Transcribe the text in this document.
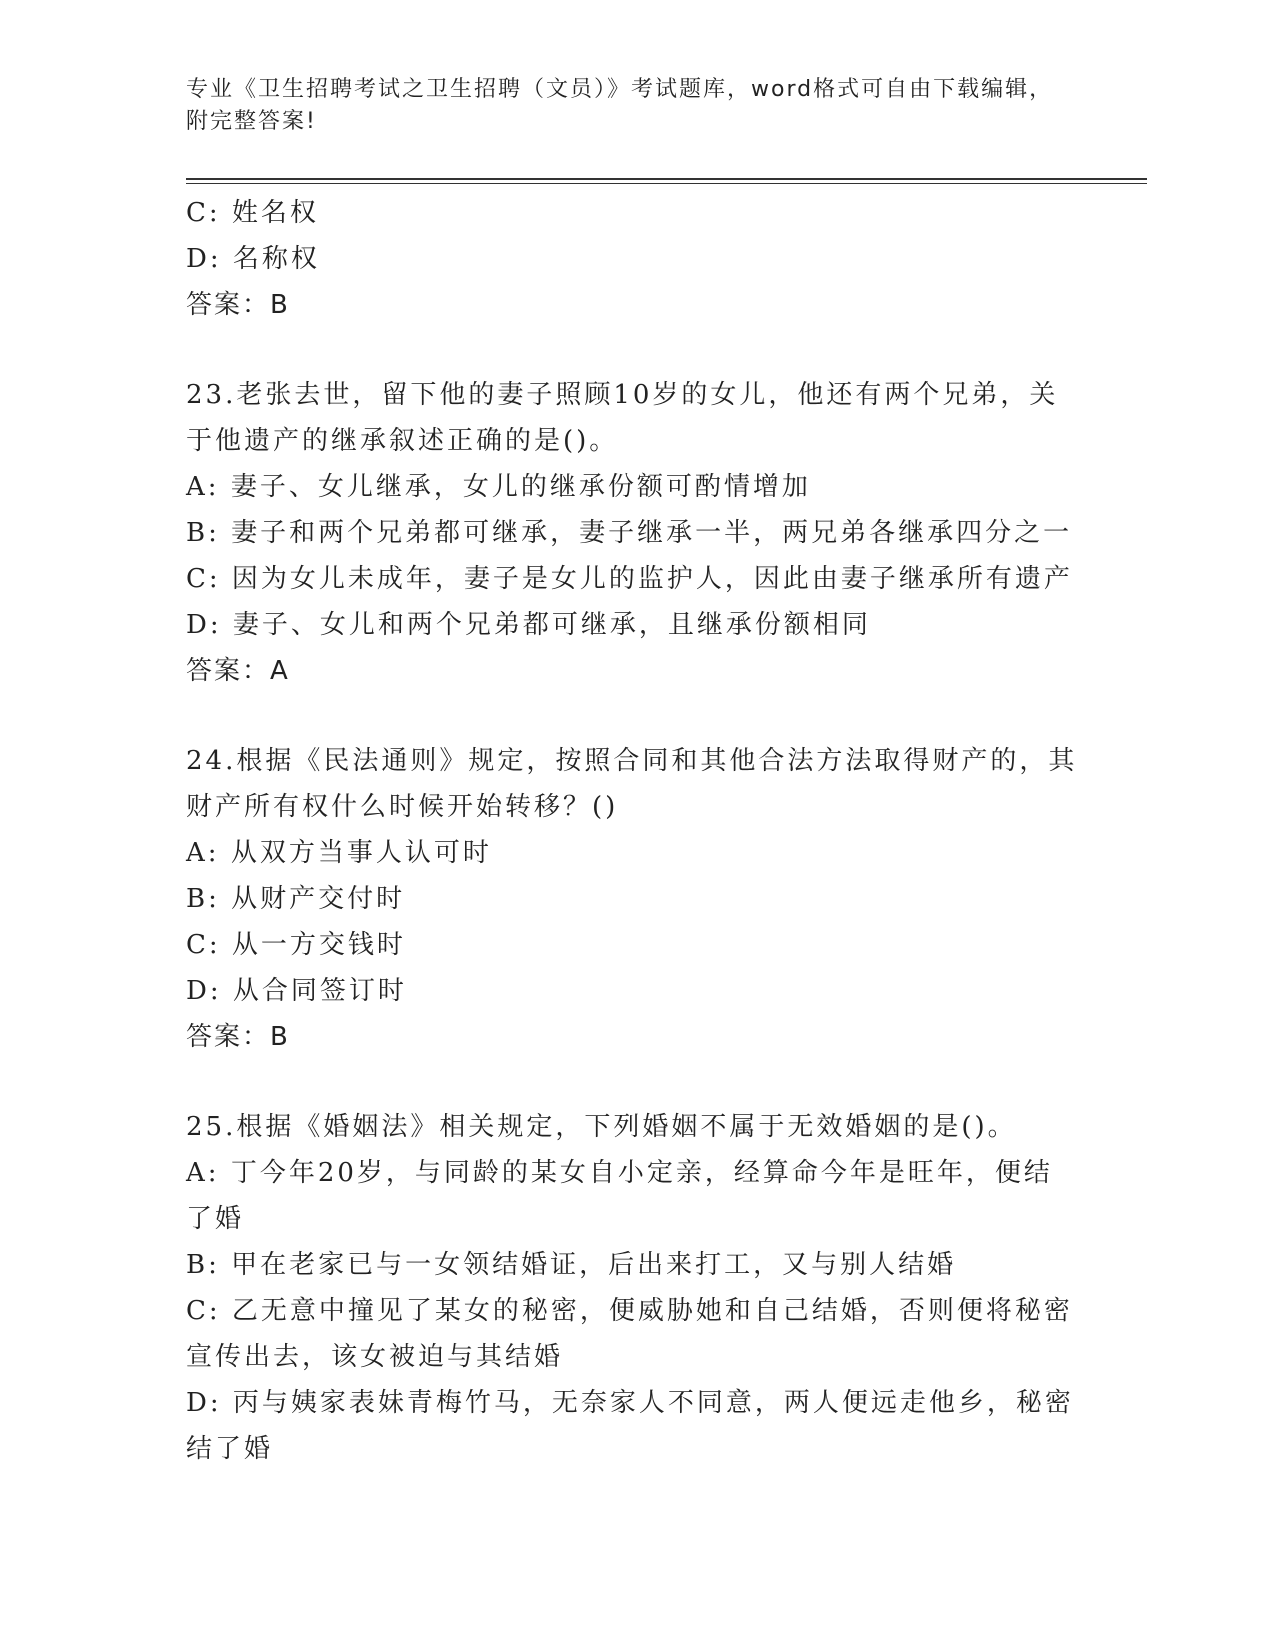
专业《卫生招聘考试之卫生招聘（文员）》考试题库，word格式可自由下载编辑，附完整答案!
C: 姓名权
D: 名称权
答案：B
23.老张去世，留下他的妻子照顾10岁的女儿，他还有两个兄弟，关
于他遗产的继承叙述正确的是()。
A: 妻子、女儿继承，女儿的继承份额可酌情增加
B: 妻子和两个兄弟都可继承，妻子继承一半，两兄弟各继承四分之一
C: 因为女儿未成年，妻子是女儿的监护人，因此由妻子继承所有遗产
D: 妻子、女儿和两个兄弟都可继承，且继承份额相同
答案：A
24.根据《民法通则》规定，按照合同和其他合法方法取得财产的，其
财产所有权什么时候开始转移？()
A: 从双方当事人认可时
B: 从财产交付时
C: 从一方交钱时
D: 从合同签订时
答案：B
25.根据《婚姻法》相关规定，下列婚姻不属于无效婚姻的是()。
A: 丁今年20岁，与同龄的某女自小定亲，经算命今年是旺年，便结
了婚
B: 甲在老家已与一女领结婚证，后出来打工，又与别人结婚
C: 乙无意中撞见了某女的秘密，便威胁她和自己结婚，否则便将秘密
宣传出去，该女被迫与其结婚
D: 丙与姨家表妹青梅竹马，无奈家人不同意，两人便远走他乡，秘密
结了婚
